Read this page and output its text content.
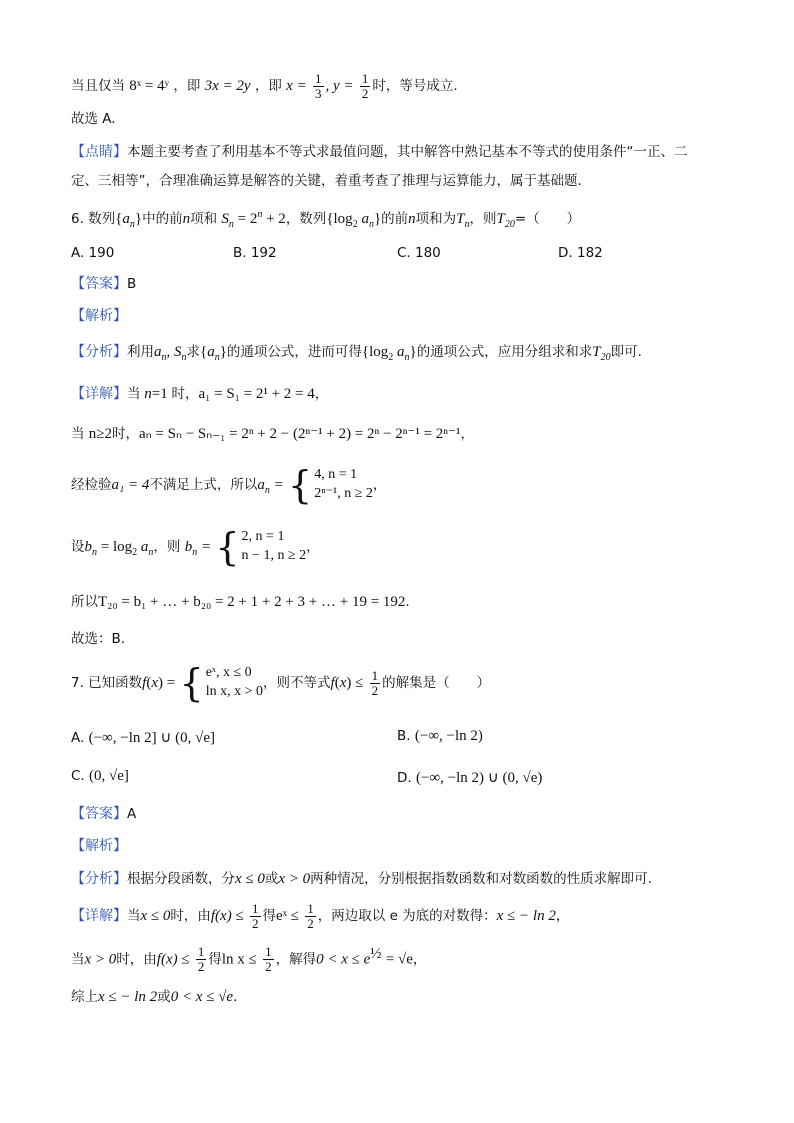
当且仅当 8ˣ = 4ʸ ，即 3x = 2y ，即 $x = \frac{1}{3}$ , $y = \frac{1}{2}$ 时，等号成立.
故选 A.
【点睛】本题主要考查了利用基本不等式求最值问题，其中解答中熟记基本不等式的使用条件“一正、二
定、三相等”，合理准确运算是解答的关键，着重考查了推理与运算能力，属于基础题.
6. 数列$\{a_n\}$中的前n项和 $S_n = 2^n + 2$，数列{$\log_2$ $a_n$}的前n项和为$T_n$，则$T_{20}=$（　　）
A. 190	B. 192	C. 180	D. 182
【答案】B
【解析】
【分析】利用$a_n$, $S_n$求$\{a_n\}$的通项公式，进而可得{$\log_2$ $a_n$}的通项公式，应用分组求和求$T_{20}$即可.
【详解】当 n=1 时，a₁ = S₁ = 2¹ + 2 = 4，
当 n≥2时，aₙ = Sₙ − Sₙ₋₁ = 2ⁿ + 2 − (2ⁿ⁻¹ + 2) = 2ⁿ − 2ⁿ⁻¹ = 2ⁿ⁻¹，
经检验a₁ = 4不满足上式，所以$a_n$ = { 4, n = 1
2ⁿ⁻¹, n ≥ 2
，
设$b_n = \log_2 a_n$，则 $b_n$ = { 2, n = 1
n − 1, n ≥ 2
，
所以T₂₀ = b₁ + … + b₂₀ = 2 + 1 + 2 + 3 + … + 19 = 192.
故选：B.
7. 已知函数f(x) = { eˣ, x ≤ 0
ln x, x > 0
，则不等式$f(x) \le \frac{1}{2}$ 的解集是（　　）
A. (−∞, −ln 2] ∪ (0, √e]	B. (−∞, −ln 2)
C. (0, √e]	D. (−∞, −ln 2) ∪ (0, √e)
【答案】A
【解析】
【分析】根据分段函数，分x ≤ 0或x > 0两种情况，分别根据指数函数和对数函数的性质求解即可.
【详解】当x ≤ 0时，由$f(x) \le \frac{1}{2}$ 得eˣ ≤ $\frac{1}{2}$ ，两边取以 e 为底的对数得：x ≤ − ln 2，
当x > 0时，由$f(x) \le \frac{1}{2}$ 得$\ln x \le \frac{1}{2}$ ，解得$0 < x \le e^{\frac{1}{2}} = √e$，
综上x ≤ − ln 2或0 < x ≤ √e.
